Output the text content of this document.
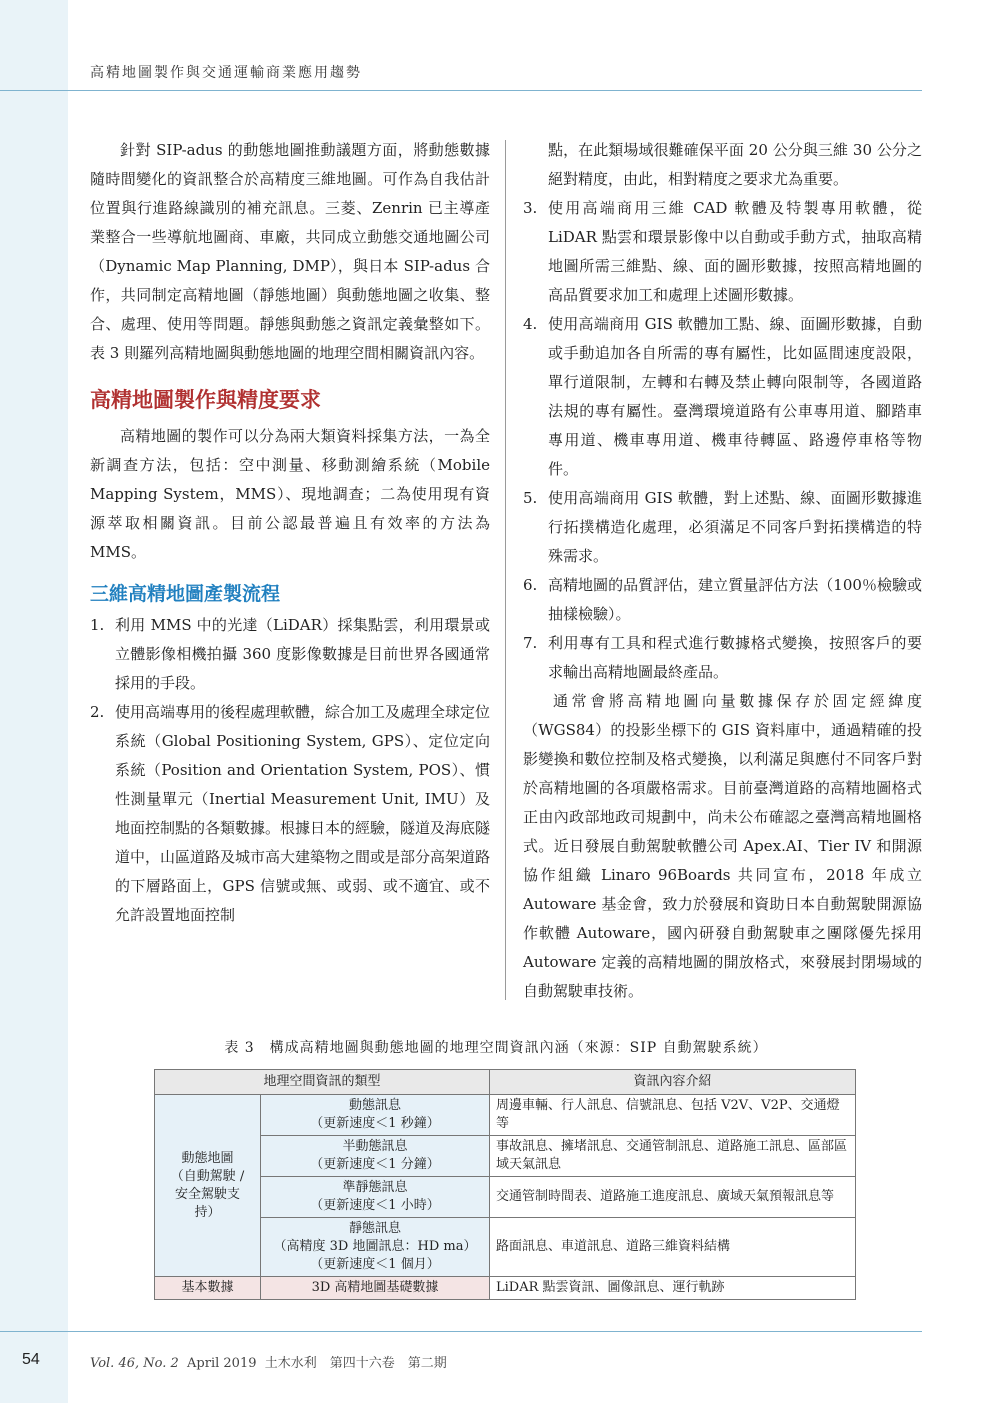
高精地圖製作與交通運輸商業應用趨勢

針對 SIP-adus 的動態地圖推動議題方面，將動態數據隨時間變化的資訊整合於高精度三維地圖。可作為自我估計位置與行進路線識別的補充訊息。三菱、Zenrin 已主導產業整合一些導航地圖商、車廠，共同成立動態交通地圖公司（Dynamic Map Planning, DMP），與日本 SIP-adus 合作，共同制定高精地圖（靜態地圖）與動態地圖之收集、整合、處理、使用等問題。靜態與動態之資訊定義彙整如下。表 3 則羅列高精地圖與動態地圖的地理空間相關資訊內容。

高精地圖製作與精度要求

高精地圖的製作可以分為兩大類資料採集方法，一為全新調查方法，包括：空中測量、移動測繪系統（Mobile Mapping System，MMS）、現地調查；二為使用現有資源萃取相關資訊。目前公認最普遍且有效率的方法為 MMS。

三維高精地圖產製流程
1. 利用 MMS 中的光達（LiDAR）採集點雲，利用環景或立體影像相機拍攝 360 度影像數據是目前世界各國通常採用的手段。
2. 使用高端專用的後程處理軟體，綜合加工及處理全球定位系統（Global Positioning System, GPS）、定位定向系統（Position and Orientation System, POS）、慣性測量單元（Inertial Measurement Unit, IMU）及地面控制點的各類數據。根據日本的經驗，隧道及海底隧道中，山區道路及城市高大建築物之間或是部分高架道路的下層路面上，GPS 信號或無、或弱、或不適宜、或不允許設置地面控制

點，在此類場域很難確保平面 20 公分與三維 30 公分之絕對精度，由此，相對精度之要求尤為重要。

3. 使用高端商用三維 CAD 軟體及特製專用軟體，從 LiDAR 點雲和環景影像中以自動或手動方式，抽取高精地圖所需三維點、線、面的圖形數據，按照高精地圖的高品質要求加工和處理上述圖形數據。
4. 使用高端商用 GIS 軟體加工點、線、面圖形數據，自動或手動追加各自所需的專有屬性，比如區間速度設限，單行道限制，左轉和右轉及禁止轉向限制等，各國道路法規的專有屬性。臺灣環境道路有公車專用道、腳踏車專用道、機車專用道、機車待轉區、路邊停車格等物件。
5. 使用高端商用 GIS 軟體，對上述點、線、面圖形數據進行拓撲構造化處理，必須滿足不同客戶對拓撲構造的特殊需求。
6. 高精地圖的品質評估，建立質量評估方法（100％檢驗或抽樣檢驗）。
7. 利用專有工具和程式進行數據格式變換，按照客戶的要求輸出高精地圖最終產品。

通常會將高精地圖向量數據保存於固定經緯度（WGS84）的投影坐標下的 GIS 資料庫中，通過精確的投影變換和數位控制及格式變換，以利滿足與應付不同客戶對於高精地圖的各項嚴格需求。目前臺灣道路的高精地圖格式正由內政部地政司規劃中，尚未公布確認之臺灣高精地圖格式。近日發展自動駕駛軟體公司 Apex.AI、Tier IV 和開源協作組織 Linaro 96Boards 共同宣布，2018 年成立 Autoware 基金會，致力於發展和資助日本自動駕駛開源協作軟體 Autoware，國內研發自動駕駛車之團隊優先採用 Autoware 定義的高精地圖的開放格式，來發展封閉場域的自動駕駛車技術。

表 3　構成高精地圖與動態地圖的地理空間資訊內涵（來源：SIP 自動駕駛系統）
地理空間資訊的類型		資訊內容介紹

動態地圖
（自動駕駛 /
安全駕駛支
持）	動態訊息
（更新速度＜1 秒鐘）	周邊車輛、行人訊息、信號訊息、包括 V2V、V2P、交通燈等

	半動態訊息
（更新速度＜1 分鐘）	事故訊息、擁堵訊息、交通管制訊息、道路施工訊息、區部區域天氣訊息

	準靜態訊息
（更新速度＜1 小時）	交通管制時間表、道路施工進度訊息、廣域天氣預報訊息等

	靜態訊息
（高精度 3D 地圖訊息：HD ma）
（更新速度＜1 個月）	路面訊息、車道訊息、道路三維資料結構
基本數據	3D 高精地圖基礎數據	LiDAR 點雲資訊、圖像訊息、運行軌跡
54	Vol. 46, No. 2 April 2019 土木水利　第四十六卷　第二期
